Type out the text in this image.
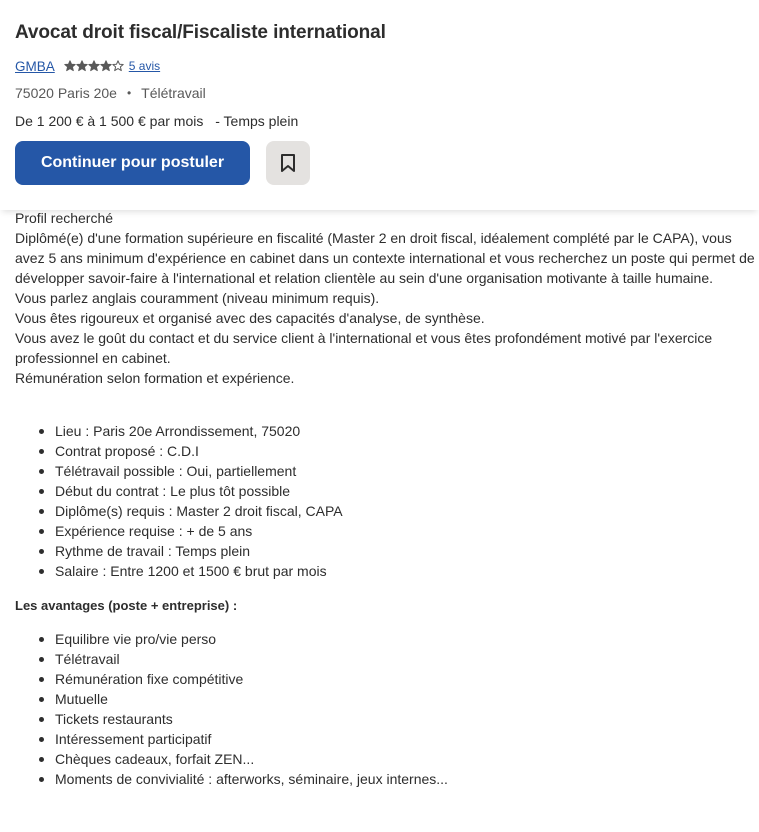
Avocat droit fiscal/Fiscaliste international
GMBA	5 avis
75020 Paris 20e • Télétravail
De 1 200 € à 1 500 € par mois - Temps plein
Continuer pour postuler

Profil recherché

Diplômé(e) d'une formation supérieure en fiscalité (Master 2 en droit fiscal, idéalement complété par le CAPA), vous avez 5 ans minimum d'expérience en cabinet dans un contexte international et vous recherchez un poste qui permet de développer savoir-faire à l'international et relation clientèle au sein d'une organisation motivante à taille humaine.

Vous parlez anglais couramment (niveau minimum requis).

Vous êtes rigoureux et organisé avec des capacités d'analyse, de synthèse.

Vous avez le goût du contact et du service client à l'international et vous êtes profondément motivé par l'exercice professionnel en cabinet.

Rémunération selon formation et expérience.

Lieu : Paris 20e Arrondissement, 75020
Contrat proposé : C.D.I
Télétravail possible : Oui, partiellement
Début du contrat : Le plus tôt possible
Diplôme(s) requis : Master 2 droit fiscal, CAPA
Expérience requise : + de 5 ans
Rythme de travail : Temps plein
Salaire : Entre 1200 et 1500 € brut par mois
Les avantages (poste + entreprise) :
Equilibre vie pro/vie perso
Télétravail
Rémunération fixe compétitive
Mutuelle
Tickets restaurants
Intéressement participatif
Chèques cadeaux, forfait ZEN...
Moments de convivialité : afterworks, séminaire, jeux internes...
